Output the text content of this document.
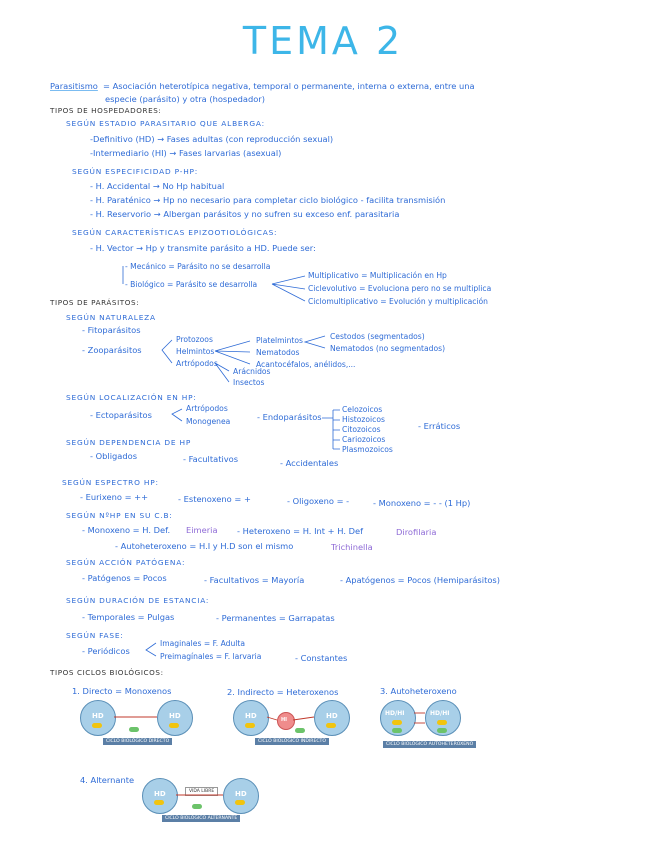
TEMA 2
Parasitismo = Asociación heterotípica negativa, temporal o permanente, interna o externa, entre una
especie (parásito) y otra (hospedador)
TIPOS DE HOSPEDADORES:
SEGÚN ESTADIO PARASITARIO QUE ALBERGA:
-Definitivo (HD) → Fases adultas (con reproducción sexual)
-Intermediario (HI) → Fases larvarias (asexual)
SEGÚN ESPECIFICIDAD P-HP:
- H. Accidental → No Hp habitual
- H. Paraténico → Hp no necesario para completar ciclo biológico - facilita transmisión
- H. Reservorio → Albergan parásitos y no sufren su exceso enf. parasitaria
SEGÚN CARACTERÍSTICAS EPIZOOTIOLÓGICAS:
- H. Vector → Hp y transmite parásito a HD. Puede ser:
- Mecánico = Parásito no se desarrolla
- Biológico = Parásito se desarrolla
Multiplicativo = Multiplicación en Hp
Ciclevolutivo = Evoluciona pero no se multiplica
Ciclomultiplicativo = Evolución y multiplicación
TIPOS DE PARÁSITOS:
SEGÚN NATURALEZA
- Fitoparásitos
- Zooparásitos
Protozoos
Helmintos
Artrópodos
Platelmintos
Nematodos
Acantocéfalos, anélidos,...
Cestodos (segmentados)
Nematodos (no segmentados)
Arácnidos
Insectos
SEGÚN LOCALIZACIÓN EN HP:
- Ectoparásitos
Artrópodos
Monogenea	- Endoparásitos
Celozoicos
Histozoicos
Citozoicos
Cariozoicos
Plasmozoicos
- Erráticos
SEGÚN DEPENDENCIA DE HP
- Obligados	- Facultativos	- Accidentales
SEGÚN ESPECTRO HP:
- Eurixeno = ++	- Estenoxeno = +	- Oligoxeno = -	- Monoxeno = - - (1 Hp)
SEGÚN NºHP EN SU C.B:
- Monoxeno = H. Def. Eimeria - Heteroxeno = H. Int + H. Def	Dirofilaria
- Autoheteroxeno = H.I y H.D son el mismo	Trichinella
SEGÚN ACCIÓN PATÓGENA:
- Patógenos = Pocos	- Facultativos = Mayoría	- Apatógenos = Pocos (Hemiparásitos)
SEGÚN DURACIÓN DE ESTANCIA:
- Temporales = Pulgas	- Permanentes = Garrapatas
SEGÚN FASE:
- Periódicos
Imaginales = F. Adulta
Preimagínales = F. larvaria	- Constantes
TIPOS CICLOS BIOLÓGICOS:
1. Directo = Monoxenos	2. Indirecto = Heteroxenos	3. Autoheteroxeno
4. Alternante
HD	HD
CICLO BIOLÓGICO DIRECTO
HD	HI	HD
CICLO BIOLÓGICO INDIRECTO
HD/HI	HD/HI
CICLO BIOLÓGICO AUTOHETEROXENO
HD	VIDA LIBRE	HD
CICLO BIOLÓGICO ALTERNANTE
